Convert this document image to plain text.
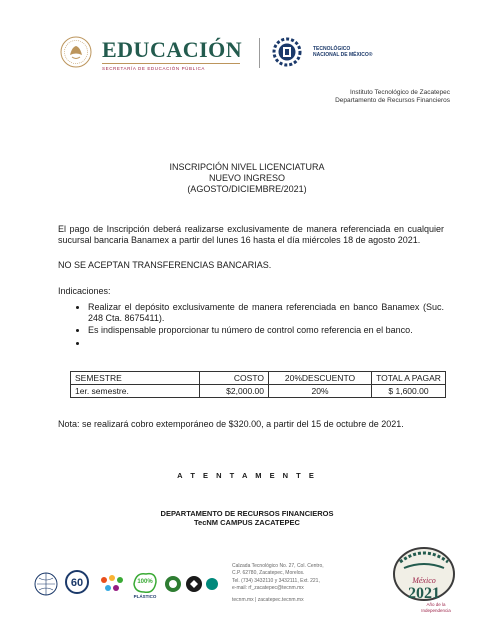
EDUCACIÓN
SECRETARÍA DE EDUCACIÓN PÚBLICA
TECNOLÓGICO
NACIONAL DE MÉXICO®
Instituto Tecnológico de Zacatepec
Departamento de Recursos Financieros
INSCRIPCIÓN NIVEL LICENCIATURA
NUEVO INGRESO
(AGOSTO/DICIEMBRE/2021)
El pago de Inscripción deberá realizarse exclusivamente de manera referenciada en cualquier sucursal bancaria Banamex a partir del lunes 16 hasta el día miércoles 18 de agosto 2021.
NO SE ACEPTAN TRANSFERENCIAS BANCARIAS.
Indicaciones:
• Realizar el depósito exclusivamente de manera referenciada en banco Banamex (Suc. 248 Cta. 8675411).
• Es indispensable proporcionar tu número de control como referencia en el banco.
•
SEMESTRE	COSTO	20%DESCUENTO	TOTAL A PAGAR
1er. semestre.	$2,000.00	20%	$ 1,600.00
Nota: se realizará cobro extemporáneo de $320.00, a partir del 15 de octubre de 2021.
A T E N T A M E N T E
DEPARTAMENTO DE RECURSOS FINANCIEROS
TecNM CAMPUS ZACATEPEC
60	100%
PLÁSTICO
Calzada Tecnológico No. 27, Col. Centro,
C.P. 62780, Zacatepec, Morelos.
Tel. (734) 3432110 y 3432111, Ext. 221,
e-mail: rf_zacatepec@tecnm.mx
tecnm.mx | zacatepec.tecnm.mx
México
2021
Año de la
Independencia
